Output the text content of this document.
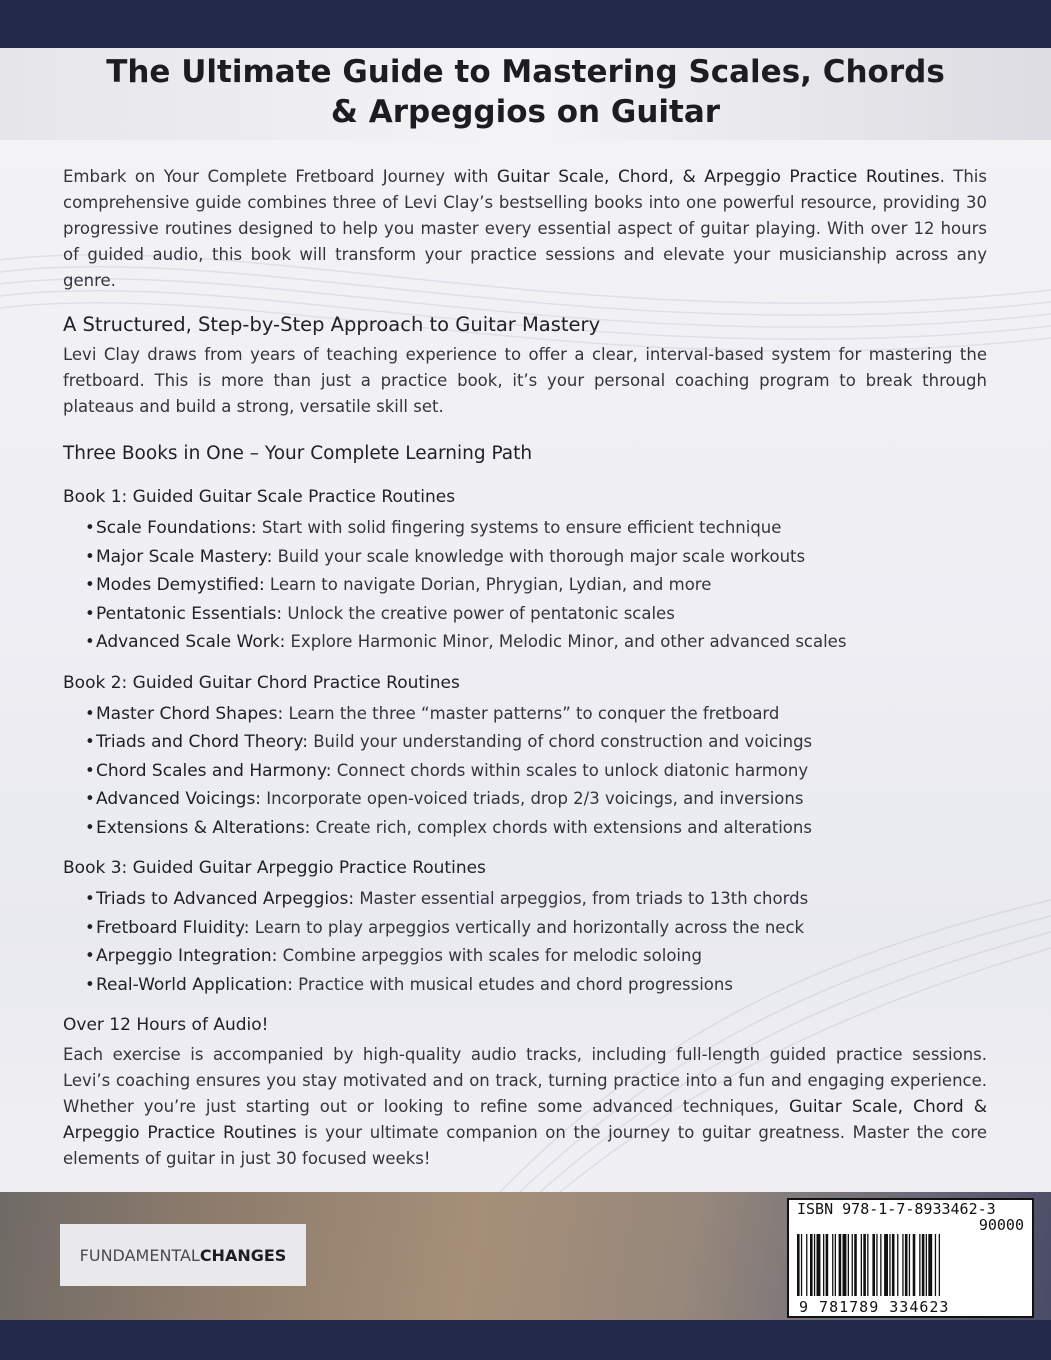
The Ultimate Guide to Mastering Scales, Chords
& Arpeggios on Guitar

Embark on Your Complete Fretboard Journey with Guitar Scale, Chord, & Arpeggio Practice Routines. This comprehensive guide combines three of Levi Clay’s bestselling books into one powerful resource, providing 30 progressive routines designed to help you master every essential aspect of guitar playing. With over 12 hours of guided audio, this book will transform your practice sessions and elevate your musicianship across any genre.

A Structured, Step-by-Step Approach to Guitar Mastery

Levi Clay draws from years of teaching experience to offer a clear, interval-based system for mastering the fretboard. This is more than just a practice book, it’s your personal coaching program to break through plateaus and build a strong, versatile skill set.

Three Books in One – Your Complete Learning Path
Book 1: Guided Guitar Scale Practice Routines
• Scale Foundations: Start with solid fingering systems to ensure efficient technique
• Major Scale Mastery: Build your scale knowledge with thorough major scale workouts
• Modes Demystified: Learn to navigate Dorian, Phrygian, Lydian, and more
• Pentatonic Essentials: Unlock the creative power of pentatonic scales
• Advanced Scale Work: Explore Harmonic Minor, Melodic Minor, and other advanced scales
Book 2: Guided Guitar Chord Practice Routines
• Master Chord Shapes: Learn the three “master patterns” to conquer the fretboard
• Triads and Chord Theory: Build your understanding of chord construction and voicings
• Chord Scales and Harmony: Connect chords within scales to unlock diatonic harmony
• Advanced Voicings: Incorporate open-voiced triads, drop 2/3 voicings, and inversions
• Extensions & Alterations: Create rich, complex chords with extensions and alterations
Book 3: Guided Guitar Arpeggio Practice Routines
• Triads to Advanced Arpeggios: Master essential arpeggios, from triads to 13th chords
• Fretboard Fluidity: Learn to play arpeggios vertically and horizontally across the neck
• Arpeggio Integration: Combine arpeggios with scales for melodic soloing
• Real-World Application: Practice with musical etudes and chord progressions
Over 12 Hours of Audio!

Each exercise is accompanied by high-quality audio tracks, including full-length guided practice sessions. Levi’s coaching ensures you stay motivated and on track, turning practice into a fun and engaging experience. Whether you’re just starting out or looking to refine some advanced techniques, Guitar Scale, Chord & Arpeggio Practice Routines is your ultimate companion on the journey to guitar greatness. Master the core elements of guitar in just 30 focused weeks!

FUNDAMENTALCHANGES
ISBN 978-1-7-8933462-3
90000
9 781789 334623
